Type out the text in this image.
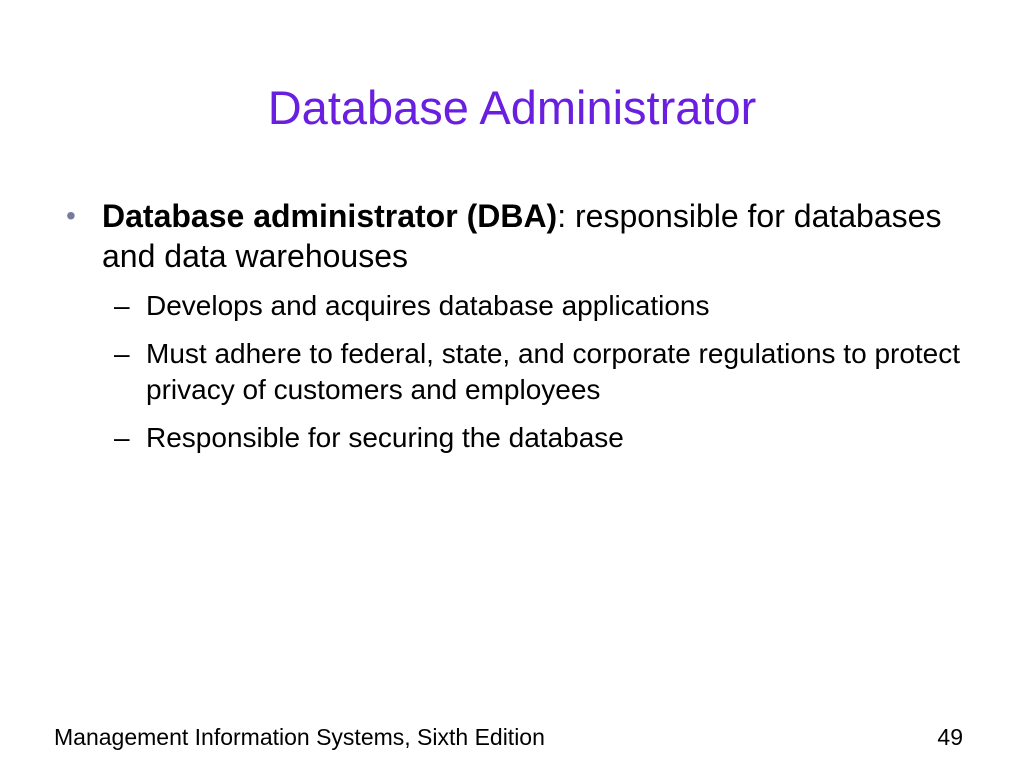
Database Administrator
• Database administrator (DBA): responsible for databases and data warehouses
– Develops and acquires database applications
– Must adhere to federal, state, and corporate regulations to protect privacy of customers and employees
– Responsible for securing the database
Management Information Systems, Sixth Edition	49
